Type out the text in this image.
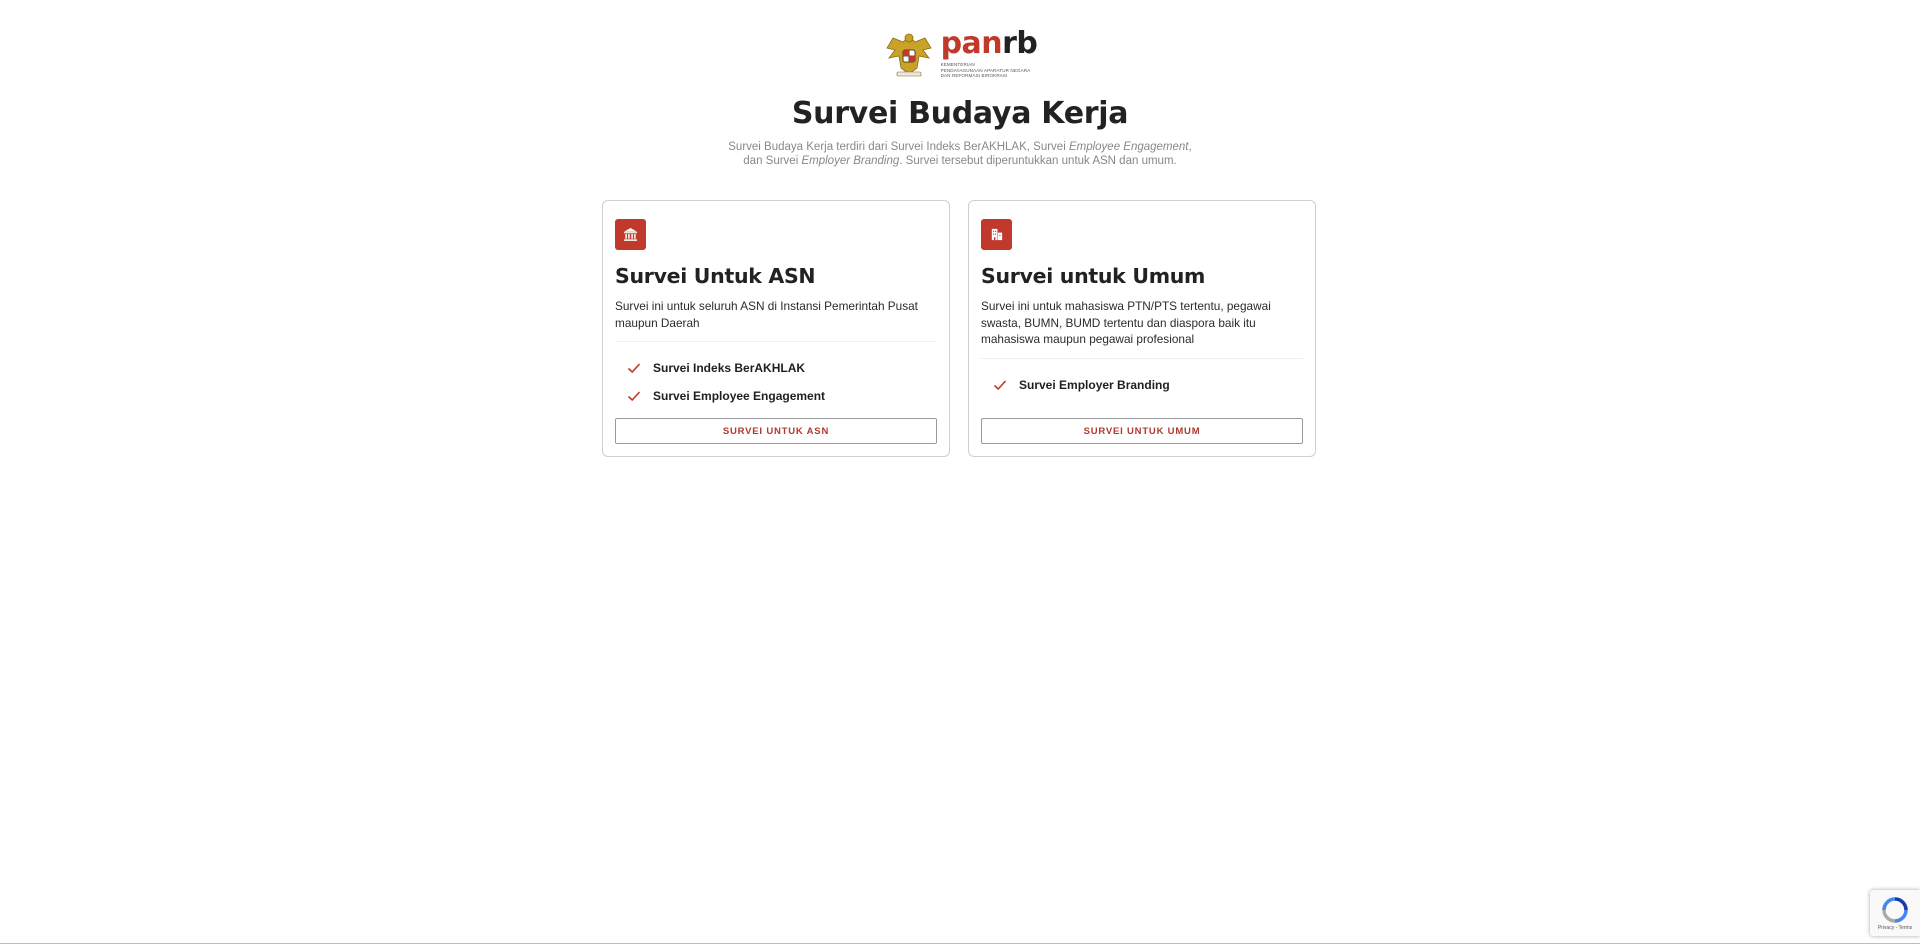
panrb
KEMENTERIAN
PENDAYAGUNAAN APARATUR NEGARA
DAN REFORMASI BIROKRASI
Survei Budaya Kerja
Survei Budaya Kerja terdiri dari Survei Indeks BerAKHLAK, Survei Employee Engagement, dan Survei Employer Branding. Survei tersebut diperuntukkan untuk ASN dan umum.
Survei Untuk ASN
Survei ini untuk seluruh ASN di Instansi Pemerintah Pusat maupun Daerah
Survei Indeks BerAKHLAK
Survei Employee Engagement
SURVEI UNTUK ASN
Survei untuk Umum
Survei ini untuk mahasiswa PTN/PTS tertentu, pegawai swasta, BUMN, BUMD tertentu dan diaspora baik itu mahasiswa maupun pegawai profesional
Survei Employer Branding
SURVEI UNTUK UMUM
Privacy - Terms
